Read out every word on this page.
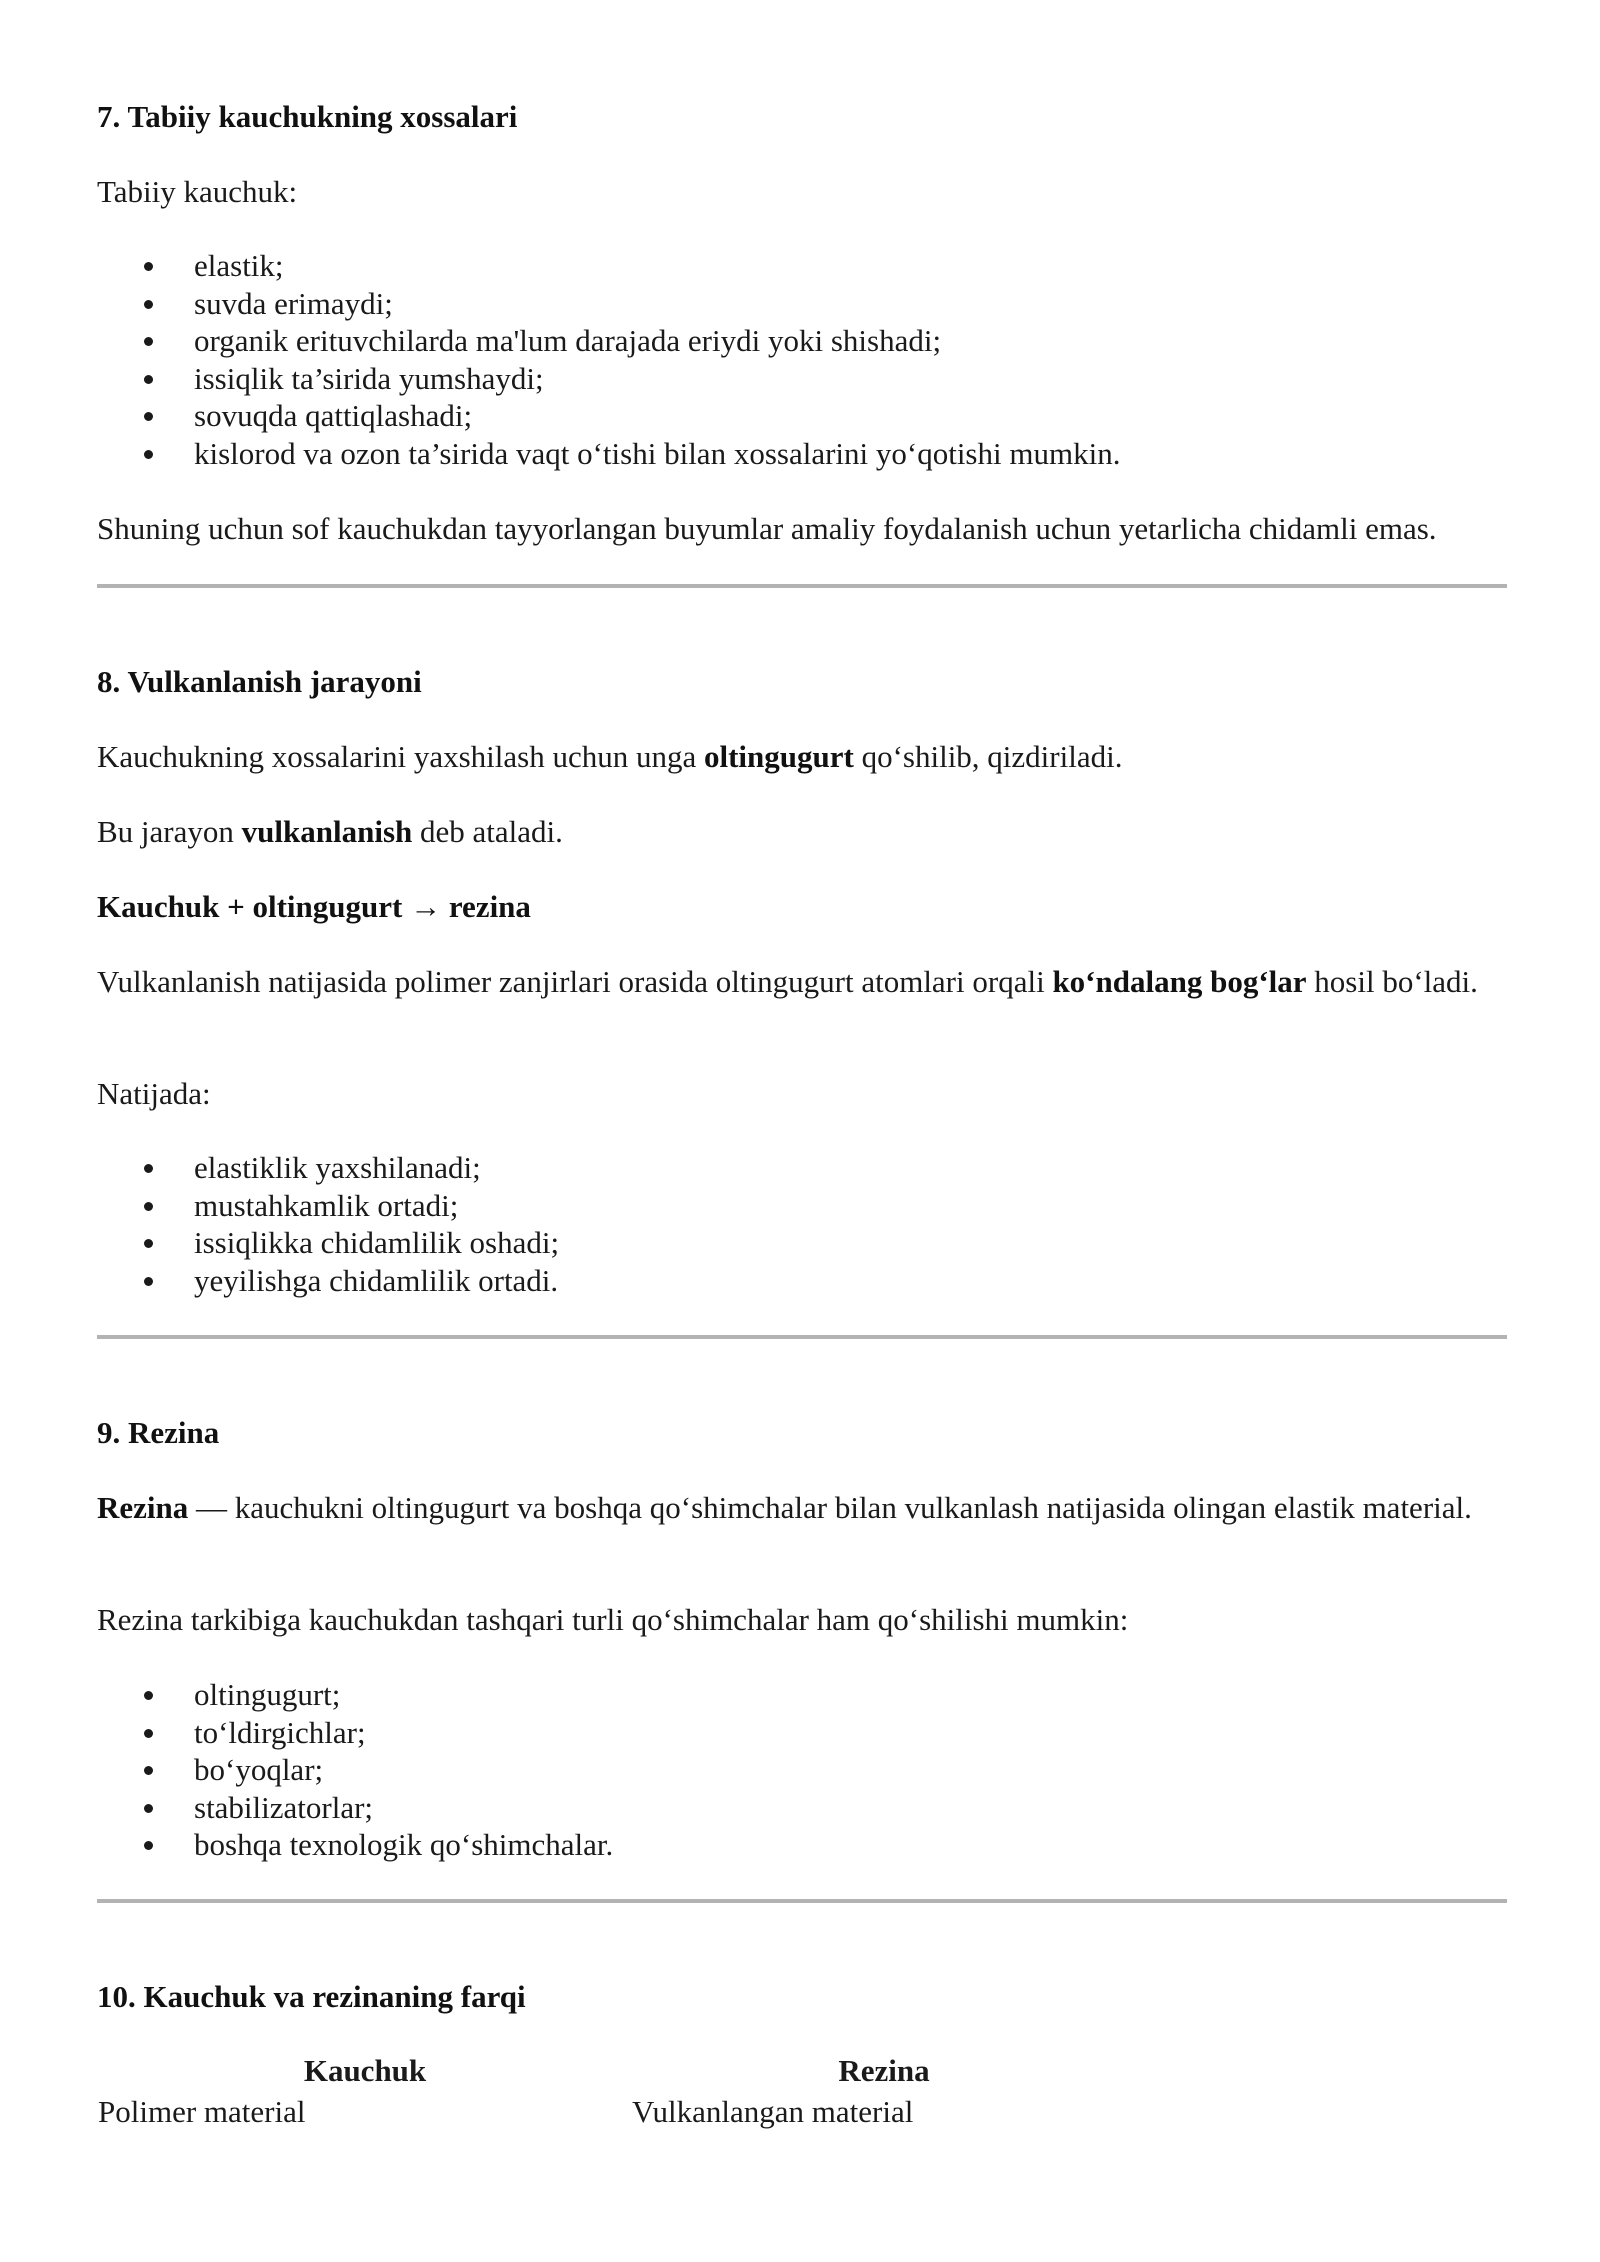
7. Tabiiy kauchukning xossalari

Tabiiy kauchuk:

elastik;
suvda erimaydi;
organik erituvchilarda ma'lum darajada eriydi yoki shishadi;
issiqlik ta’sirida yumshaydi;
sovuqda qattiqlashadi;
kislorod va ozon ta’sirida vaqt o‘tishi bilan xossalarini yo‘qotishi mumkin.

Shuning uchun sof kauchukdan tayyorlangan buyumlar amaliy foydalanish uchun yetarlicha chidamli emas.

8. Vulkanlanish jarayoni

Kauchukning xossalarini yaxshilash uchun unga oltingugurt qo‘shilib, qizdiriladi.

Bu jarayon vulkanlanish deb ataladi.

Kauchuk + oltingugurt → rezina

Vulkanlanish natijasida polimer zanjirlari orasida oltingugurt atomlari orqali ko‘ndalang bog‘lar hosil bo‘ladi.

Natijada:

elastiklik yaxshilanadi;
mustahkamlik ortadi;
issiqlikka chidamlilik oshadi;
yeyilishga chidamlilik ortadi.
9. Rezina

Rezina — kauchukni oltingugurt va boshqa qo‘shimchalar bilan vulkanlash natijasida olingan elastik material.

Rezina tarkibiga kauchukdan tashqari turli qo‘shimchalar ham qo‘shilishi mumkin:

oltingugurt;
to‘ldirgichlar;
bo‘yoqlar;
stabilizatorlar;
boshqa texnologik qo‘shimchalar.
10. Kauchuk va rezinaning farqi
Kauchuk	Rezina
Polimer material	Vulkanlangan material
